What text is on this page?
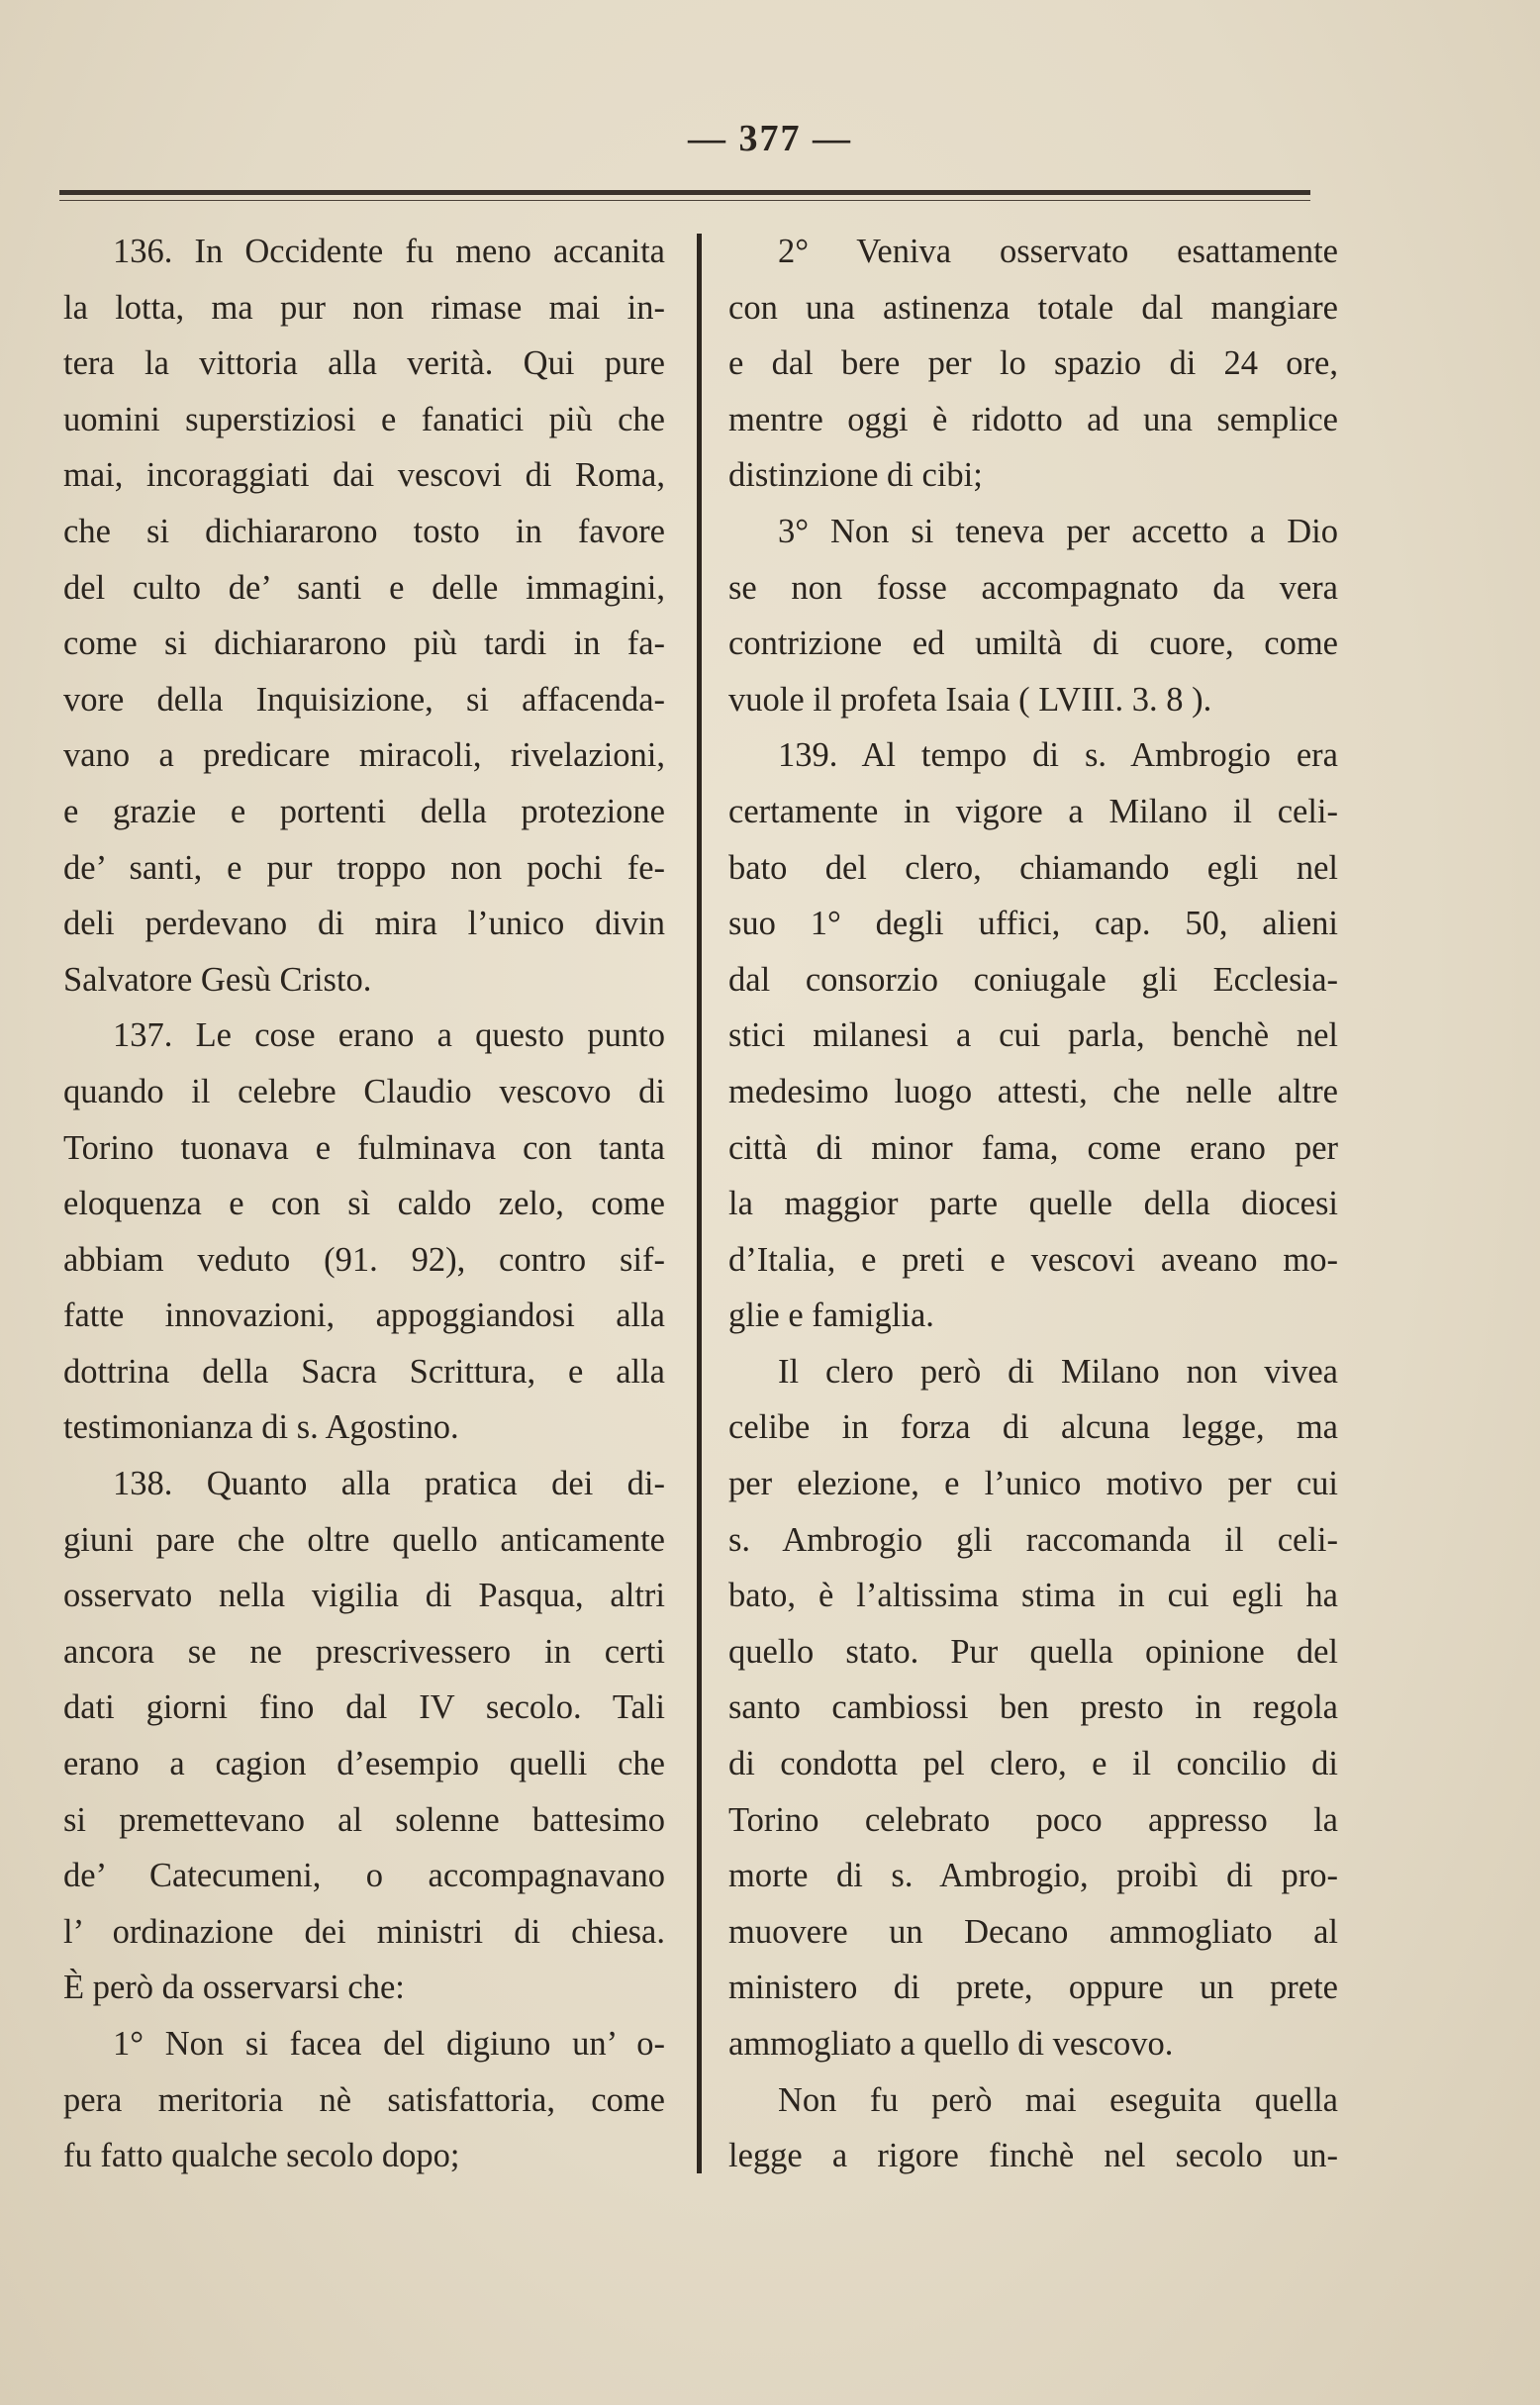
— 377 —
136. In Occidente fu meno accanita
la lotta, ma pur non rimase mai in-
tera la vittoria alla verità. Qui pure
uomini superstiziosi e fanatici più che
mai, incoraggiati dai vescovi di Roma,
che si dichiararono tosto in favore
del culto de’ santi e delle immagini,
come si dichiararono più tardi in fa-
vore della Inquisizione, si affacenda-
vano a predicare miracoli, rivelazioni,
e grazie e portenti della protezione
de’ santi, e pur troppo non pochi fe-
deli perdevano di mira l’unico divin
Salvatore Gesù Cristo.
137. Le cose erano a questo punto
quando il celebre Claudio vescovo di
Torino tuonava e fulminava con tanta
eloquenza e con sì caldo zelo, come
abbiam veduto (91. 92), contro sif-
fatte innovazioni, appoggiandosi alla
dottrina della Sacra Scrittura, e alla
testimonianza di s. Agostino.
138. Quanto alla pratica dei di-
giuni pare che oltre quello anticamente
osservato nella vigilia di Pasqua, altri
ancora se ne prescrivessero in certi
dati giorni fino dal IV secolo. Tali
erano a cagion d’esempio quelli che
si premettevano al solenne battesimo
de’ Catecumeni, o accompagnavano
l’ ordinazione dei ministri di chiesa.
È però da osservarsi che:
1° Non si facea del digiuno un’ o-
pera meritoria nè satisfattoria, come
fu fatto qualche secolo dopo;
2° Veniva osservato esattamente
con una astinenza totale dal mangiare
e dal bere per lo spazio di 24 ore,
mentre oggi è ridotto ad una semplice
distinzione di cibi;
3° Non si teneva per accetto a Dio
se non fosse accompagnato da vera
contrizione ed umiltà di cuore, come
vuole il profeta Isaia ( LVIII. 3. 8 ).
139. Al tempo di s. Ambrogio era
certamente in vigore a Milano il celi-
bato del clero, chiamando egli nel
suo 1° degli uffici, cap. 50, alieni
dal consorzio coniugale gli Ecclesia-
stici milanesi a cui parla, benchè nel
medesimo luogo attesti, che nelle altre
città di minor fama, come erano per
la maggior parte quelle della diocesi
d’Italia, e preti e vescovi aveano mo-
glie e famiglia.
Il clero però di Milano non vivea
celibe in forza di alcuna legge, ma
per elezione, e l’unico motivo per cui
s. Ambrogio gli raccomanda il celi-
bato, è l’altissima stima in cui egli ha
quello stato. Pur quella opinione del
santo cambiossi ben presto in regola
di condotta pel clero, e il concilio di
Torino celebrato poco appresso la
morte di s. Ambrogio, proibì di pro-
muovere un Decano ammogliato al
ministero di prete, oppure un prete
ammogliato a quello di vescovo.
Non fu però mai eseguita quella
legge a rigore finchè nel secolo un-
